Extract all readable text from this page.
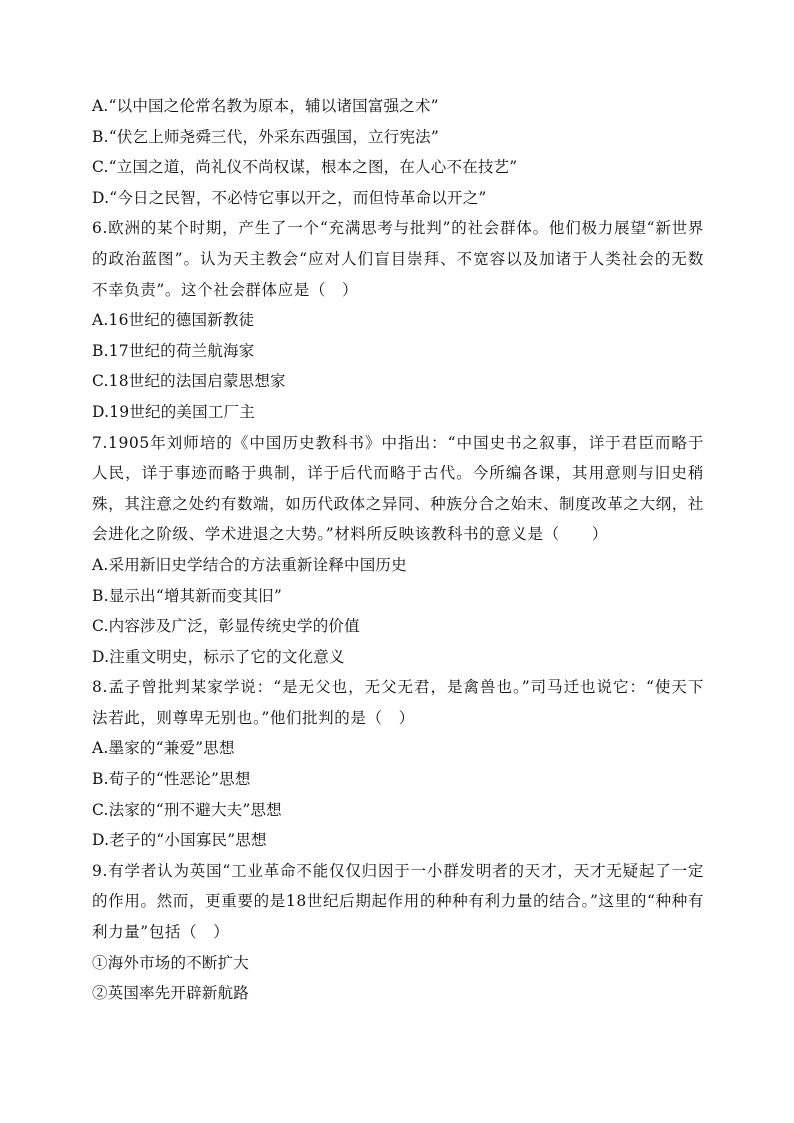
A.“以中国之伦常名教为原本，辅以诸国富强之术”
B.“伏乞上师尧舜三代，外采东西强国，立行宪法”
C.“立国之道，尚礼仪不尚权谋，根本之图，在人心不在技艺”
D.“今日之民智，不必恃它事以开之，而但恃革命以开之”
6.欧洲的某个时期，产生了一个“充满思考与批判”的社会群体。他们极力展望“新世界的政治蓝图”。认为天主教会“应对人们盲目崇拜、不宽容以及加诸于人类社会的无数不幸负责”。这个社会群体应是（　）
A.16世纪的德国新教徒
B.17世纪的荷兰航海家
C.18世纪的法国启蒙思想家
D.19世纪的美国工厂主
7.1905年刘师培的《中国历史教科书》中指出：“中国史书之叙事，详于君臣而略于人民，详于事迹而略于典制，详于后代而略于古代。今所编各课，其用意则与旧史稍殊，其注意之处约有数端，如历代政体之异同、种族分合之始末、制度改革之大纲，社会进化之阶级、学术进退之大势。”材料所反映该教科书的意义是（　　）
A.采用新旧史学结合的方法重新诠释中国历史
B.显示出“增其新而变其旧”
C.内容涉及广泛，彰显传统史学的价值
D.注重文明史，标示了它的文化意义
8.孟子曾批判某家学说：“是无父也，无父无君，是禽兽也。”司马迁也说它：“使天下法若此，则尊卑无别也。”他们批判的是（　）
A.墨家的“兼爱”思想
B.荀子的“性恶论”思想
C.法家的“刑不避大夫”思想
D.老子的“小国寡民”思想
9.有学者认为英国“工业革命不能仅仅归因于一小群发明者的天才，天才无疑起了一定的作用。然而，更重要的是18世纪后期起作用的种种有利力量的结合。”这里的“种种有利力量”包括（　）
①海外市场的不断扩大
②英国率先开辟新航路
